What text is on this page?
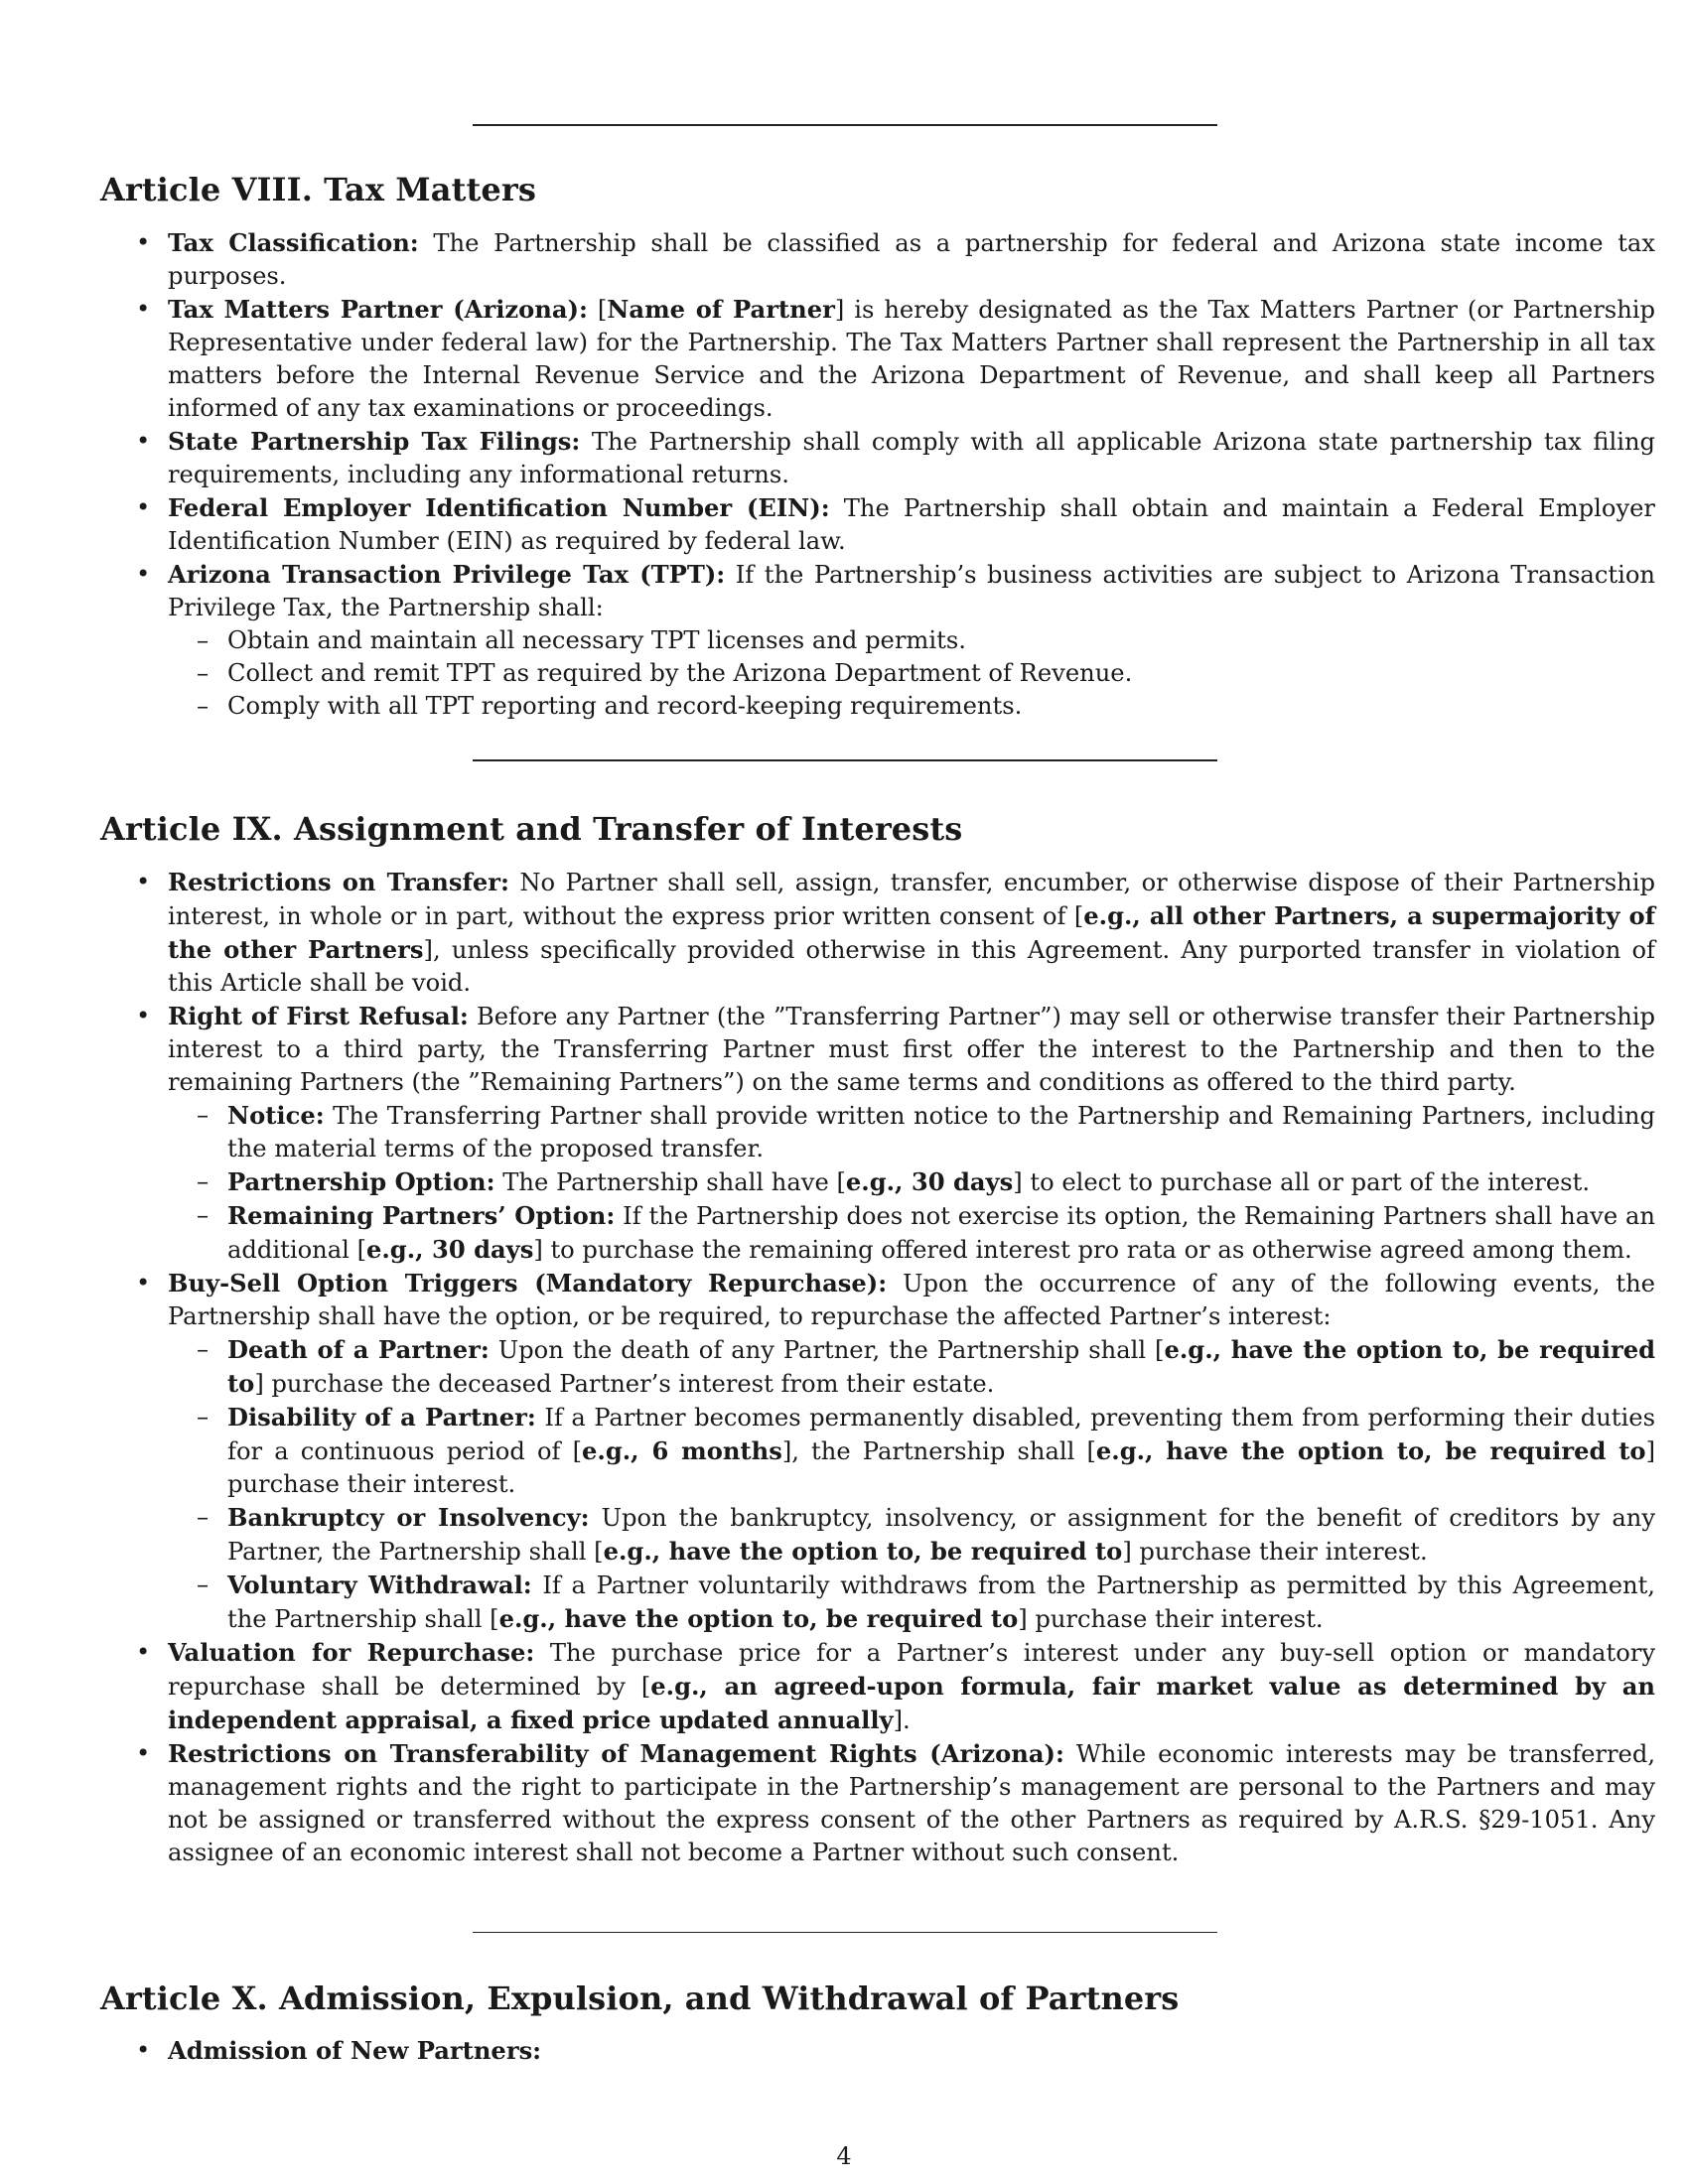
Article VIII. Tax Matters
• Tax Classification: The Partnership shall be classified as a partnership for federal and Arizona state income tax purposes.
• Tax Matters Partner (Arizona): [Name of Partner] is hereby designated as the Tax Matters Partner (or Partnership Representative under federal law) for the Partnership. The Tax Matters Partner shall represent the Partnership in all tax matters before the Internal Revenue Service and the Arizona Department of Revenue, and shall keep all Partners informed of any tax examinations or proceedings.
• State Partnership Tax Filings: The Partnership shall comply with all applicable Arizona state partnership tax filing requirements, including any informational returns.
• Federal Employer Identification Number (EIN): The Partnership shall obtain and maintain a Federal Employer Identification Number (EIN) as required by federal law.
• Arizona Transaction Privilege Tax (TPT): If the Partnership’s business activities are subject to Arizona Transaction Privilege Tax, the Partnership shall:
– Obtain and maintain all necessary TPT licenses and permits.
– Collect and remit TPT as required by the Arizona Department of Revenue.
– Comply with all TPT reporting and record-keeping requirements.
Article IX. Assignment and Transfer of Interests
• Restrictions on Transfer: No Partner shall sell, assign, transfer, encumber, or otherwise dispose of their Partnership interest, in whole or in part, without the express prior written consent of [e.g., all other Partners, a supermajority of the other Partners], unless specifically provided otherwise in this Agreement. Any purported transfer in violation of this Article shall be void.
• Right of First Refusal: Before any Partner (the ”Transferring Partner”) may sell or otherwise transfer their Partnership interest to a third party, the Transferring Partner must first offer the interest to the Partnership and then to the remaining Partners (the ”Remaining Partners”) on the same terms and conditions as offered to the third party.
– Notice: The Transferring Partner shall provide written notice to the Partnership and Remaining Partners, including the material terms of the proposed transfer.
– Partnership Option: The Partnership shall have [e.g., 30 days] to elect to purchase all or part of the interest.
– Remaining Partners’ Option: If the Partnership does not exercise its option, the Remaining Partners shall have an additional [e.g., 30 days] to purchase the remaining offered interest pro rata or as otherwise agreed among them.
• Buy-Sell Option Triggers (Mandatory Repurchase): Upon the occurrence of any of the following events, the Partnership shall have the option, or be required, to repurchase the affected Partner’s interest:
– Death of a Partner: Upon the death of any Partner, the Partnership shall [e.g., have the option to, be required to] purchase the deceased Partner’s interest from their estate.
– Disability of a Partner: If a Partner becomes permanently disabled, preventing them from performing their duties for a continuous period of [e.g., 6 months], the Partnership shall [e.g., have the option to, be required to] purchase their interest.
– Bankruptcy or Insolvency: Upon the bankruptcy, insolvency, or assignment for the benefit of creditors by any Partner, the Partnership shall [e.g., have the option to, be required to] purchase their interest.
– Voluntary Withdrawal: If a Partner voluntarily withdraws from the Partnership as permitted by this Agreement, the Partnership shall [e.g., have the option to, be required to] purchase their interest.
• Valuation for Repurchase: The purchase price for a Partner’s interest under any buy-sell option or mandatory repurchase shall be determined by [e.g., an agreed-upon formula, fair market value as determined by an independent appraisal, a fixed price updated annually].
• Restrictions on Transferability of Management Rights (Arizona): While economic interests may be transferred, management rights and the right to participate in the Partnership’s management are personal to the Partners and may not be assigned or transferred without the express consent of the other Partners as required by A.R.S. §29-1051. Any assignee of an economic interest shall not become a Partner without such consent.
Article X. Admission, Expulsion, and Withdrawal of Partners
• Admission of New Partners:
4
